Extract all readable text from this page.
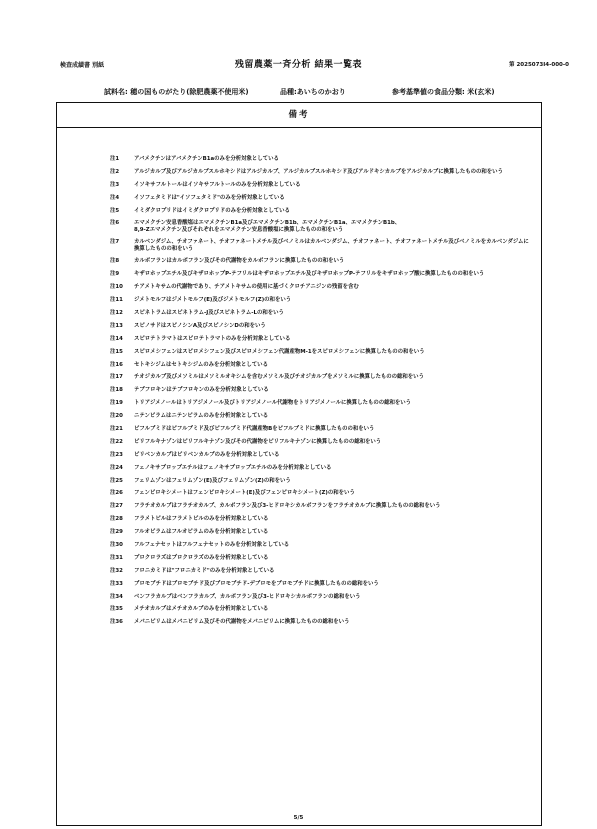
検査成績書 別紙	残留農薬一斉分析 結果一覧表	第 2025073I4-000-0
試料名: 穂の国ものがたり(除肥農薬不使用米)	品種:あいちのかおり	参考基準値の食品分類: 米(玄米)
備考
注1	アバメクチンはアバメクチンB1aのみを分析対象としている
注2	アルジカルブ及びアルジカルブスルホキシドはアルジカルブ、アルジカルブスルホキシド及びアルドキシカルブをアルジカルブに換算したものの和をいう
注3	イソキサフルトールはイソキサフルトールのみを分析対象としている
注4	イソフェタミドは"イソフェタミド"のみを分析対象としている
注5	イミダクロプリドはイミダクロプリドのみを分析対象としている
注6	エマメクチン安息香酸塩はエマメクチンB1a及びエマメクチンB1b、エマメクチンB1a、エマメクチンB1b、
8,9-Zエマメクチン及びそれぞれをエマメクチン安息香酸塩に換算したものの和をいう
注7	カルベンダジム、チオファネート、チオファネートメチル及びベノミルはカルベンダジム、チオファネート、チオファネートメチル及びベノミルをカルベンダジムに換算したものの和をいう
注8	カルボフランはカルボフラン及びその代謝物をカルボフランに換算したものの和をいう
注9	キザロホップエチル及びキザロホップP-テフリルはキザロホップエチル及びキザロホップP-テフリルをキザロホップ酸に換算したものの和をいう
注10	チアメトキサムの代謝物であり、チアメトキサムの使用に基づくクロチアニジンの残留を含む
注11	ジメトモルフはジメトモルフ(E)及びジメトモルフ(Z)の和をいう
注12	スピネトラムはスピネトラム-J及びスピネトラム-Lの和をいう
注13	スピノサドはスピノシンA及びスピノシンDの和をいう
注14	スピロテトラマトはスピロテトラマトのみを分析対象としている
注15	スピロメシフェンはスピロメシフェン及びスピロメシフェン代謝産物M-1をスピロメシフェンに換算したものの和をいう
注16	セトキシジムはセトキシジムのみを分析対象としている
注17	チオジカルブ及びメソミルはメソミルオキシムを含むメソミル及びチオジカルブをメソミルに換算したものの総和をいう
注18	テブフロキンはテブフロキンのみを分析対象としている
注19	トリアジメノールはトリアジメノール及びトリアジメノール代謝物をトリアジメノールに換算したものの総和をいう
注20	ニテンピラムはニテンピラムのみを分析対象としている
注21	ピフルブミドはピフルブミド及びピフルブミド代謝産物Bをピフルブミドに換算したものの和をいう
注22	ピリフルキナゾンはピリフルキナゾン及びその代謝物をピリフルキナゾンに換算したものの総和をいう
注23	ピリベンカルブはピリベンカルブのみを分析対象としている
注24	フェノキサプロップエチルはフェノキサプロップエチルのみを分析対象としている
注25	フェリムゾンはフェリムゾン(E)及びフェリムゾン(Z)の和をいう
注26	フェンピロキシメートはフェンピロキシメート(E)及びフェンピロキシメート(Z)の和をいう
注27	フラチオカルブはフラチオカルブ、カルボフラン及び3-ヒドロキシカルボフランをフラチオカルブに換算したものの総和をいう
注28	フラメトピルはフラメトピルのみを分析対象としている
注29	フルオピラムはフルオピラムのみを分析対象としている
注30	フルフェナセットはフルフェナセットのみを分析対象としている
注31	プロクロラズはプロクロラズのみを分析対象としている
注32	フロニカミドは"フロニカミド"のみを分析対象としている
注33	ブロモブチドはブロモブチド及びブロモブチド-デブロモをブロモブチドに換算したものの総和をいう
注34	ベンフラカルブはベンフラカルブ、カルボフラン及び3-ヒドロキシカルボフランの総和をいう
注35	メチオカルブはメチオカルブのみを分析対象としている
注36	メパニピリムはメパニピリム及びその代謝物をメパニピリムに換算したものの総和をいう
5/5
